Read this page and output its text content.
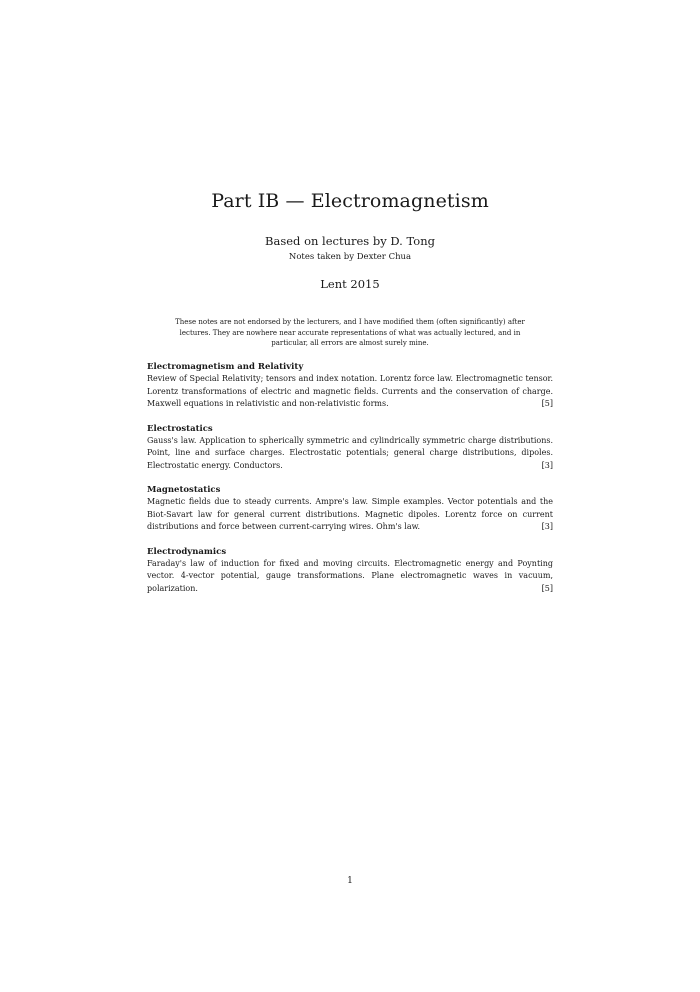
Part IB — Electromagnetism
Based on lectures by D. Tong
Notes taken by Dexter Chua
Lent 2015
These notes are not endorsed by the lecturers, and I have modified them (often significantly) after lectures. They are nowhere near accurate representations of what was actually lectured, and in particular, all errors are almost surely mine.
Electromagnetism and Relativity
Review of Special Relativity; tensors and index notation. Lorentz force law. Electromagnetic tensor. Lorentz transformations of electric and magnetic fields. Currents and the conservation of charge. Maxwell equations in relativistic and non-relativistic forms.	[5]
Electrostatics
Gauss's law. Application to spherically symmetric and cylindrically symmetric charge distributions. Point, line and surface charges. Electrostatic potentials; general charge distributions, dipoles. Electrostatic energy. Conductors.	[3]
Magnetostatics
Magnetic fields due to steady currents. Ampre's law. Simple examples. Vector potentials and the Biot-Savart law for general current distributions. Magnetic dipoles. Lorentz force on current distributions and force between current-carrying wires. Ohm's law.	[3]
Electrodynamics
Faraday's law of induction for fixed and moving circuits. Electromagnetic energy and Poynting vector. 4-vector potential, gauge transformations. Plane electromagnetic waves in vacuum, polarization.	[5]
1
